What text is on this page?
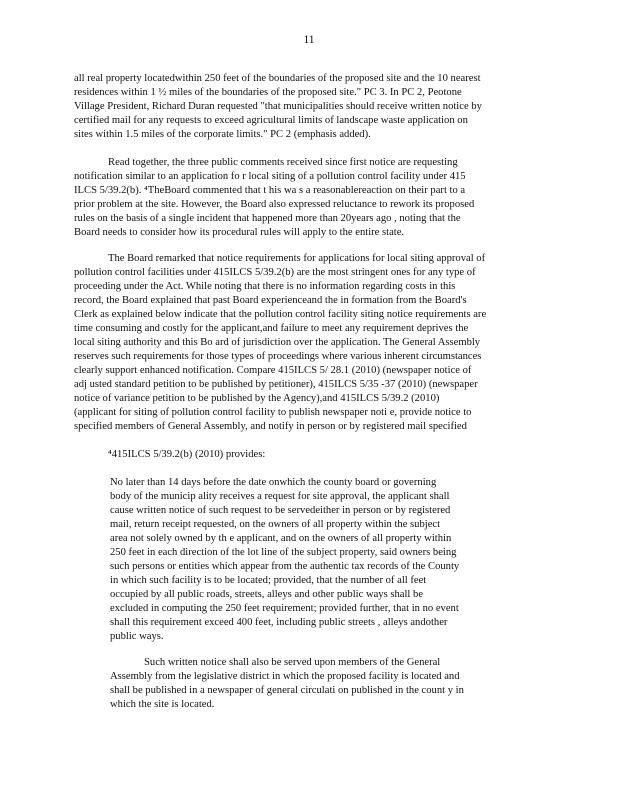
11

all real property locatedwithin 250 feet of the boundaries of the proposed site and the 10 nearest
residences within 1 ½ miles of the boundaries of the proposed site." PC 3. In PC 2, Peotone
Village President, Richard Duran requested "that municipalities should receive written notice by
certified mail for any requests to exceed agricultural limits of landscape waste application on
sites within 1.5 miles of the corporate limits." PC 2 (emphasis added).

Read together, the three public comments received since first notice are requesting
notification similar to an application fo r local siting of a pollution control facility under 415
ILCS 5/39.2(b). ⁴TheBoard commented that t his wa s a reasonablereaction on their part to a
prior problem at the site. However, the Board also expressed reluctance to rework its proposed
rules on the basis of a single incident that happened more than 20years ago , noting that the
Board needs to consider how its procedural rules will apply to the entire state.

The Board remarked that notice requirements for applications for local siting approval of
pollution control facilities under 415ILCS 5/39.2(b) are the most stringent ones for any type of
proceeding under the Act. While noting that there is no information regarding costs in this
record, the Board explained that past Board experienceand the in formation from the Board's
Clerk as explained below indicate that the pollution control facility siting notice requirements are
time consuming and costly for the applicant,and failure to meet any requirement deprives the
local siting authority and this Bo ard of jurisdiction over the application. The General Assembly
reserves such requirements for those types of proceedings where various inherent circumstances
clearly support enhanced notification. Compare 415ILCS 5/ 28.1 (2010) (newspaper notice of
adj usted standard petition to be published by petitioner), 415ILCS 5/35 -37 (2010) (newspaper
notice of variance petition to be published by the Agency),and 415ILCS 5/39.2 (2010)
(applicant for siting of pollution control facility to publish newspaper noti e, provide notice to
specified members of General Assembly, and notify in person or by registered mail specified

⁴415ILCS 5/39.2(b) (2010) provides:

No later than 14 days before the date onwhich the county board or governing
body of the municip ality receives a request for site approval, the applicant shall
cause written notice of such request to be servedeither in person or by registered
mail, return receipt requested, on the owners of all property within the subject
area not solely owned by th e applicant, and on the owners of all property within
250 feet in each direction of the lot line of the subject property, said owners being
such persons or entities which appear from the authentic tax records of the County
in which such facility is to be located; provided, that the number of all feet
occupied by all public roads, streets, alleys and other public ways shall be
excluded in computing the 250 feet requirement; provided further, that in no event
shall this requirement exceed 400 feet, including public streets , alleys andother
public ways.

Such written notice shall also be served upon members of the General
Assembly from the legislative district in which the proposed facility is located and
shall be published in a newspaper of general circulati on published in the count y in
which the site is located.
